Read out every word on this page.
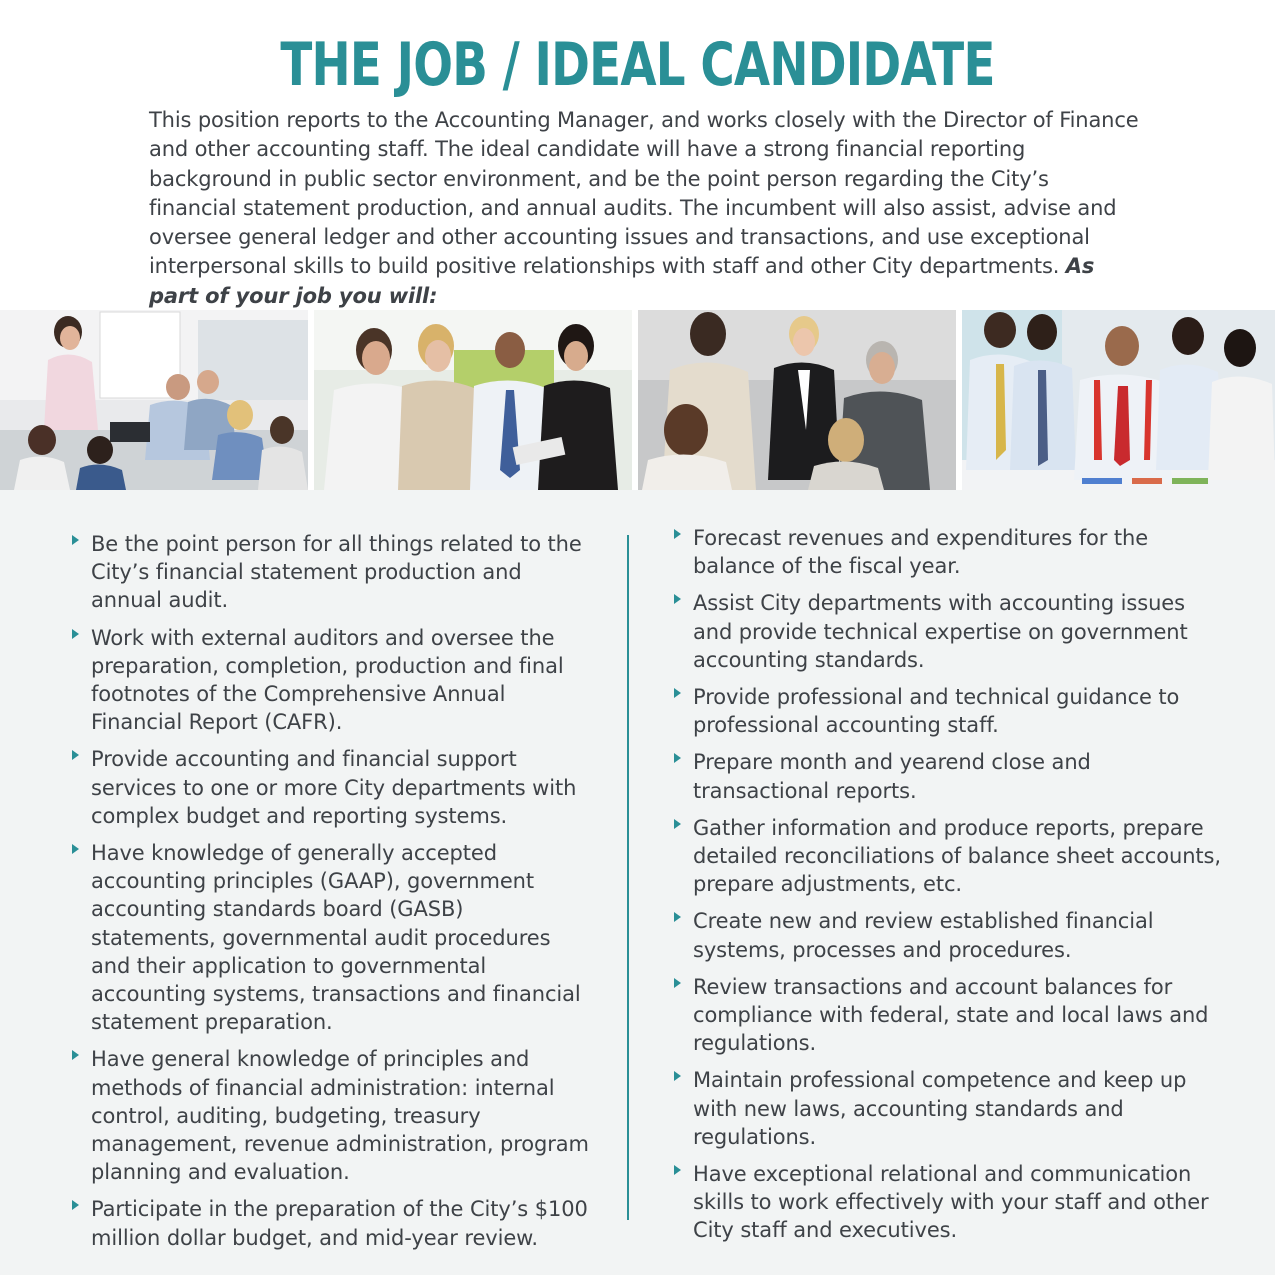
THE JOB / IDEAL CANDIDATE

This position reports to the Accounting Manager, and works closely with the Director of Finance and other accounting staff. The ideal candidate will have a strong financial reporting background in public sector environment, and be the point person regarding the City’s financial statement production, and annual audits. The incumbent will also assist, advise and oversee general ledger and other accounting issues and transactions, and use exceptional interpersonal skills to build positive relationships with staff and other City departments. As part of your job you will:

Be the point person for all things related to the City’s financial statement production and annual audit.
Work with external auditors and oversee the preparation, completion, production and final footnotes of the Comprehensive Annual Financial Report (CAFR).
Provide accounting and financial support services to one or more City departments with complex budget and reporting systems.
Have knowledge of generally accepted accounting principles (GAAP), government accounting standards board (GASB) statements, governmental audit procedures and their application to governmental accounting systems, transactions and financial statement preparation.
Have general knowledge of principles and methods of financial administration: internal control, auditing, budgeting, treasury management, revenue administration, program planning and evaluation.
Participate in the preparation of the City’s $100 million dollar budget, and mid-year review.
Forecast revenues and expenditures for the balance of the fiscal year.
Assist City departments with accounting issues and provide technical expertise on government accounting standards.
Provide professional and technical guidance to professional accounting staff.
Prepare month and yearend close and transactional reports.
Gather information and produce reports, prepare detailed reconciliations of balance sheet accounts, prepare adjustments, etc.
Create new and review established financial systems, processes and procedures.
Review transactions and account balances for compliance with federal, state and local laws and regulations.
Maintain professional competence and keep up with new laws, accounting standards and regulations.
Have exceptional relational and communication skills to work effectively with your staff and other City staff and executives.
